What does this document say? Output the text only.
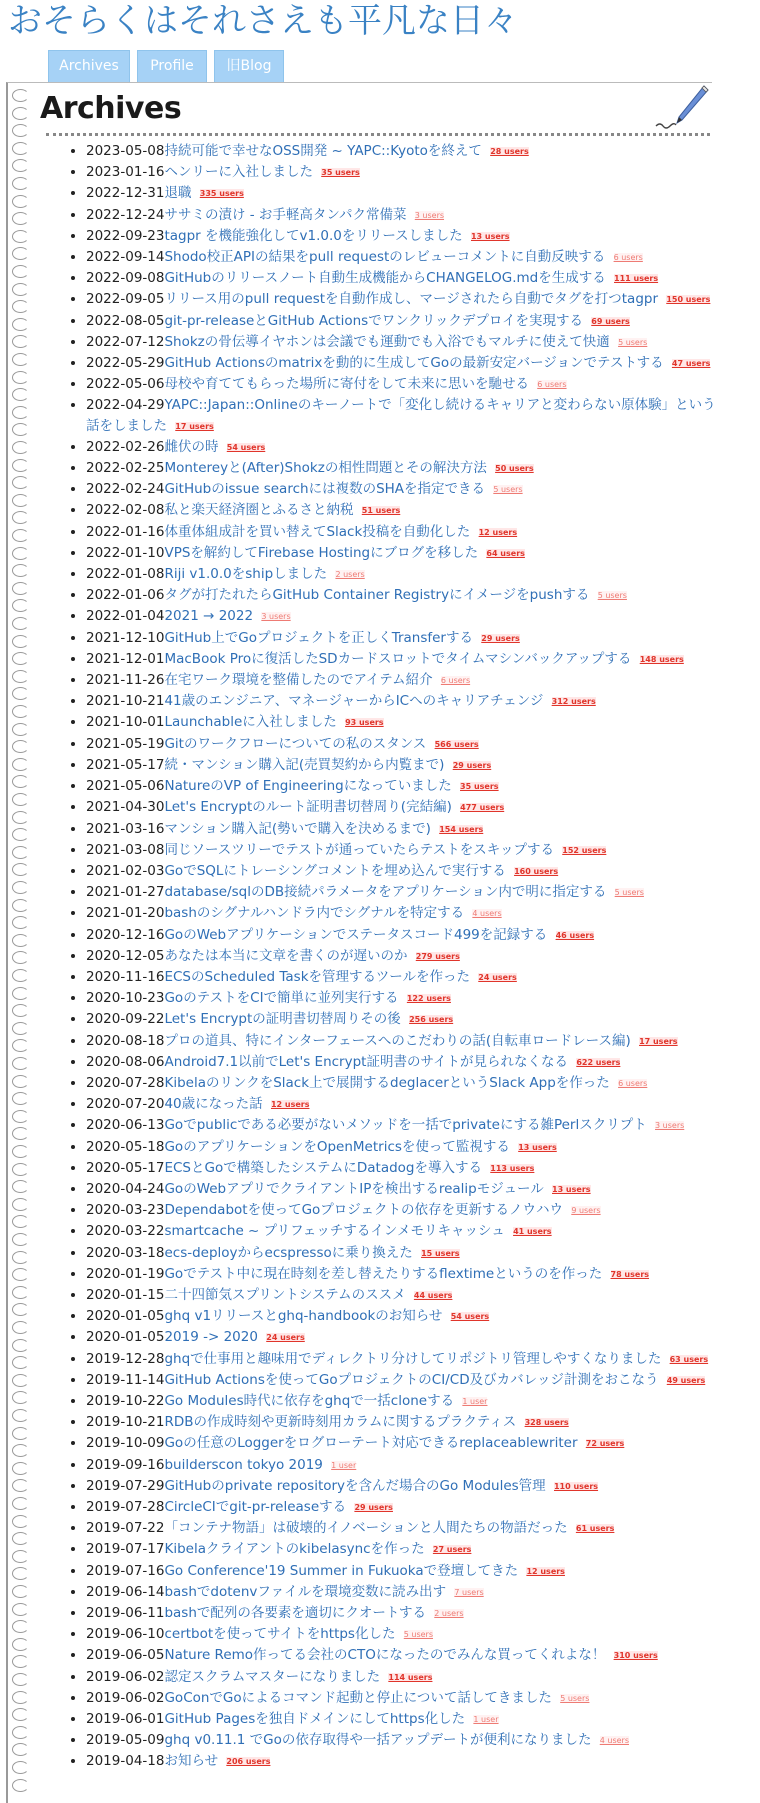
おそらくはそれさえも平凡な日々
Archives	Profile	旧Blog
Archives
• 2023-05-08持続可能で幸せなOSS開発 ~ YAPC::Kyotoを終えて 28 users
• 2023-01-16ヘンリーに入社しました 35 users
• 2022-12-31退職 335 users
• 2022-12-24ササミの漬け - お手軽高タンパク常備菜 3 users
• 2022-09-23tagpr を機能強化してv1.0.0をリリースしました 13 users
• 2022-09-14Shodo校正APIの結果をpull requestのレビューコメントに自動反映する 6 users
• 2022-09-08GitHubのリリースノート自動生成機能からCHANGELOG.mdを生成する 111 users
• 2022-09-05リリース用のpull requestを自動作成し、マージされたら自動でタグを打つtagpr 150 users
• 2022-08-05git-pr-releaseとGitHub Actionsでワンクリックデプロイを実現する 69 users
• 2022-07-12Shokzの骨伝導イヤホンは会議でも運動でも入浴でもマルチに使えて快適 5 users
• 2022-05-29GitHub Actionsのmatrixを動的に生成してGoの最新安定バージョンでテストする 47 users
• 2022-05-06母校や育ててもらった場所に寄付をして未来に思いを馳せる 6 users
• 2022-04-29YAPC::Japan::Onlineのキーノートで「変化し続けるキャリアと変わらない原体験」という話をしました 17 users
• 2022-02-26雌伏の時 54 users
• 2022-02-25Montereyと(After)Shokzの相性問題とその解決方法 50 users
• 2022-02-24GitHubのissue searchには複数のSHAを指定できる 5 users
• 2022-02-08私と楽天経済圏とふるさと納税 51 users
• 2022-01-16体重体組成計を買い替えてSlack投稿を自動化した 12 users
• 2022-01-10VPSを解約してFirebase Hostingにブログを移した 64 users
• 2022-01-08Riji v1.0.0をshipしました 2 users
• 2022-01-06タグが打たれたらGitHub Container Registryにイメージをpushする 5 users
• 2022-01-042021 → 2022 3 users
• 2021-12-10GitHub上でGoプロジェクトを正しくTransferする 29 users
• 2021-12-01MacBook Proに復活したSDカードスロットでタイムマシンバックアップする 148 users
• 2021-11-26在宅ワーク環境を整備したのでアイテム紹介 6 users
• 2021-10-2141歳のエンジニア、マネージャーからICへのキャリアチェンジ 312 users
• 2021-10-01Launchableに入社しました 93 users
• 2021-05-19Gitのワークフローについての私のスタンス 566 users
• 2021-05-17続・マンション購入記(売買契約から内覧まで) 29 users
• 2021-05-06NatureのVP of Engineeringになっていました 35 users
• 2021-04-30Let's Encryptのルート証明書切替周り(完結編) 477 users
• 2021-03-16マンション購入記(勢いで購入を決めるまで) 154 users
• 2021-03-08同じソースツリーでテストが通っていたらテストをスキップする 152 users
• 2021-02-03GoでSQLにトレーシングコメントを埋め込んで実行する 160 users
• 2021-01-27database/sqlのDB接続パラメータをアプリケーション内で明に指定する 5 users
• 2021-01-20bashのシグナルハンドラ内でシグナルを特定する 4 users
• 2020-12-16GoのWebアプリケーションでステータスコード499を記録する 46 users
• 2020-12-05あなたは本当に文章を書くのが遅いのか 279 users
• 2020-11-16ECSのScheduled Taskを管理するツールを作った 24 users
• 2020-10-23GoのテストをCIで簡単に並列実行する 122 users
• 2020-09-22Let's Encryptの証明書切替周りその後 256 users
• 2020-08-18プロの道具、特にインターフェースへのこだわりの話(自転車ロードレース編) 17 users
• 2020-08-06Android7.1以前でLet's Encrypt証明書のサイトが見られなくなる 622 users
• 2020-07-28KibelaのリンクをSlack上で展開するdeglacerというSlack Appを作った 6 users
• 2020-07-2040歳になった話 12 users
• 2020-06-13Goでpublicである必要がないメソッドを一括でprivateにする雑Perlスクリプト 3 users
• 2020-05-18GoのアプリケーションをOpenMetricsを使って監視する 13 users
• 2020-05-17ECSとGoで構築したシステムにDatadogを導入する 113 users
• 2020-04-24GoのWebアプリでクライアントIPを検出するrealipモジュール 13 users
• 2020-03-23Dependabotを使ってGoプロジェクトの依存を更新するノウハウ 9 users
• 2020-03-22smartcache ~ プリフェッチするインメモリキャッシュ 41 users
• 2020-03-18ecs-deployからecspressoに乗り換えた 15 users
• 2020-01-19Goでテスト中に現在時刻を差し替えたりするflextimeというのを作った 78 users
• 2020-01-15二十四節気スプリントシステムのススメ 44 users
• 2020-01-05ghq v1リリースとghq-handbookのお知らせ 54 users
• 2020-01-052019 -> 2020 24 users
• 2019-12-28ghqで仕事用と趣味用でディレクトリ分けしてリポジトリ管理しやすくなりました 63 users
• 2019-11-14GitHub Actionsを使ってGoプロジェクトのCI/CD及びカバレッジ計測をおこなう 49 users
• 2019-10-22Go Modules時代に依存をghqで一括cloneする 1 user
• 2019-10-21RDBの作成時刻や更新時刻用カラムに関するプラクティス 328 users
• 2019-10-09Goの任意のLoggerをログローテート対応できるreplaceablewriter 72 users
• 2019-09-16builderscon tokyo 2019 1 user
• 2019-07-29GitHubのprivate repositoryを含んだ場合のGo Modules管理 110 users
• 2019-07-28CircleCIでgit-pr-releaseする 29 users
• 2019-07-22「コンテナ物語」は破壊的イノベーションと人間たちの物語だった 61 users
• 2019-07-17Kibelaクライアントのkibelasyncを作った 27 users
• 2019-07-16Go Conference'19 Summer in Fukuokaで登壇してきた 12 users
• 2019-06-14bashでdotenvファイルを環境変数に読み出す 7 users
• 2019-06-11bashで配列の各要素を適切にクオートする 2 users
• 2019-06-10certbotを使ってサイトをhttps化した 5 users
• 2019-06-05Nature Remo作ってる会社のCTOになったのでみんな買ってくれよな！ 310 users
• 2019-06-02認定スクラムマスターになりました 114 users
• 2019-06-02GoConでGoによるコマンド起動と停止について話してきました 5 users
• 2019-06-01GitHub Pagesを独自ドメインにしてhttps化した 1 user
• 2019-05-09ghq v0.11.1 でGoの依存取得や一括アップデートが便利になりました 4 users
• 2019-04-18お知らせ 206 users
